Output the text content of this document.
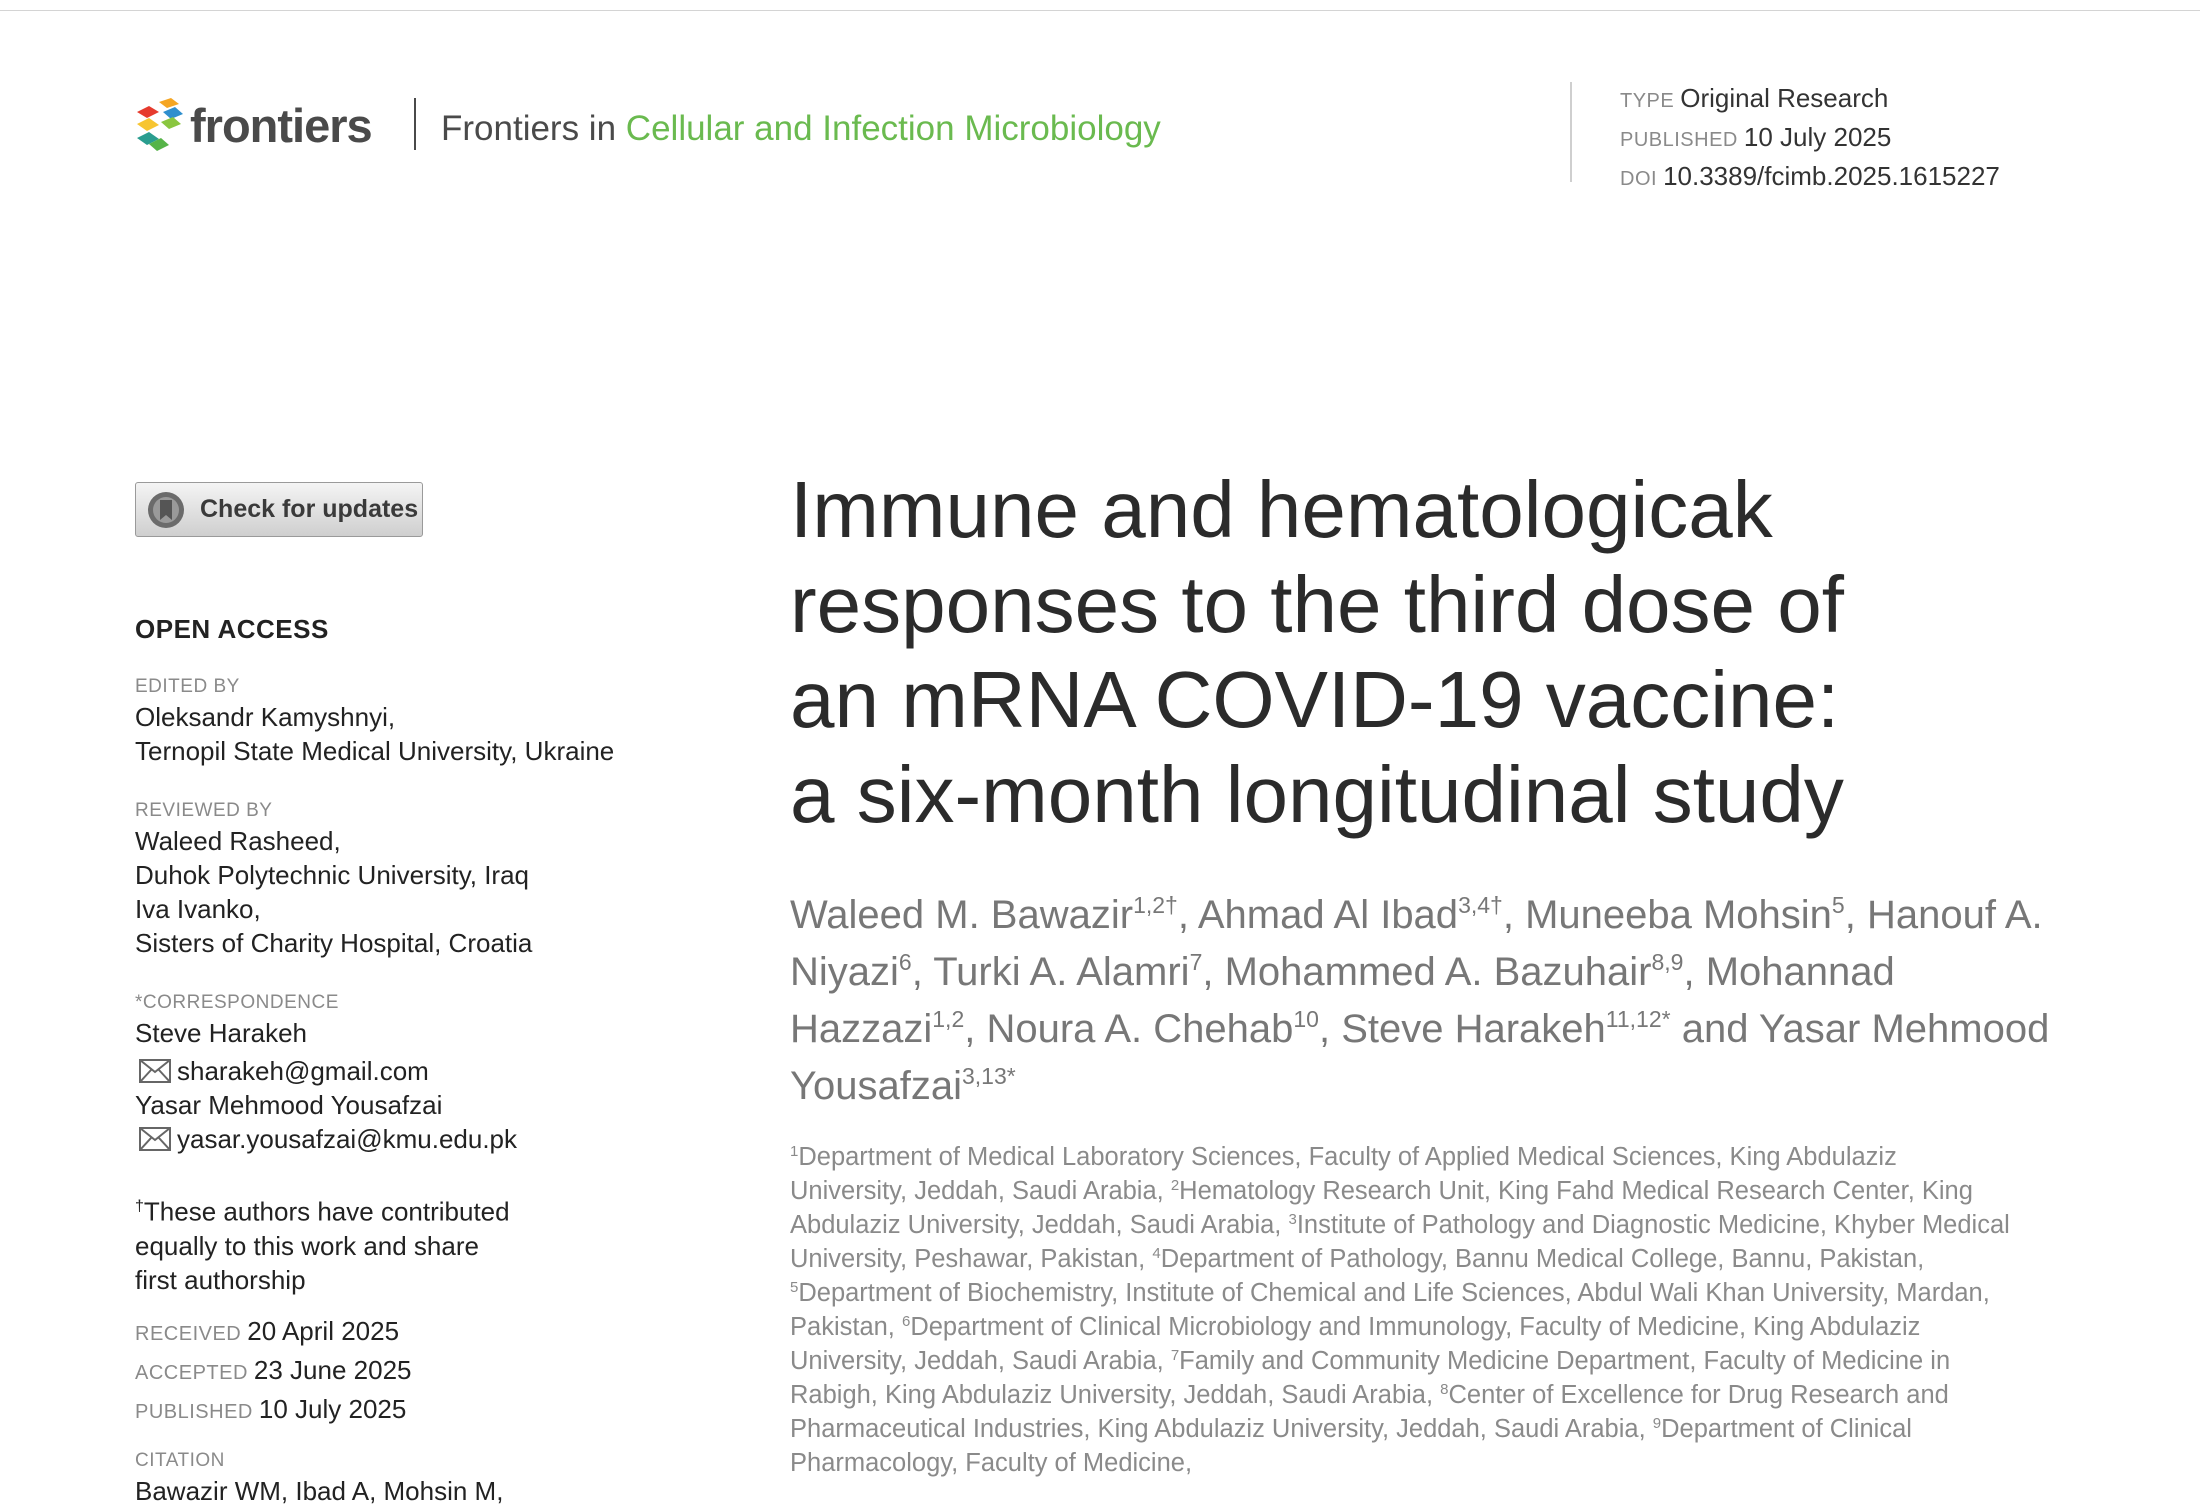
frontiers Frontiers in Cellular and Infection Microbiology
TYPE Original Research
PUBLISHED 10 July 2025
DOI 10.3389/fcimb.2025.1615227
Check for updates
OPEN ACCESS
EDITED BY
Oleksandr Kamyshnyi,
Ternopil State Medical University, Ukraine
REVIEWED BY
Waleed Rasheed,
Duhok Polytechnic University, Iraq
Iva Ivanko,
Sisters of Charity Hospital, Croatia
*CORRESPONDENCE
Steve Harakeh
sharakeh@gmail.com
Yasar Mehmood Yousafzai
yasar.yousafzai@kmu.edu.pk
†These authors have contributed
equally to this work and share
first authorship
RECEIVED 20 April 2025
ACCEPTED 23 June 2025
PUBLISHED 10 July 2025
CITATION
Bawazir WM, Ibad A, Mohsin M,
Immune and hematologicak
responses to the third dose of
an mRNA COVID-19 vaccine:
a six-month longitudinal study
Waleed M. Bawazir$^{1,2\dagger}$, Ahmad Al Ibad$^{3,4\dagger}$, Muneeba Mohsin$^5$, Hanouf A. Niyazi$^6$, Turki A. Alamri$^7$, Mohammed A. Bazuhair$^{8,9}$, Mohannad Hazzazi$^{1,2}$, Noura A. Chehab$^{10}$, Steve Harakeh$^{11,12*}$ and Yasar Mehmood Yousafzai$^{3,13*}$
$^1$Department of Medical Laboratory Sciences, Faculty of Applied Medical Sciences, King Abdulaziz University, Jeddah, Saudi Arabia, $^2$Hematology Research Unit, King Fahd Medical Research Center, King Abdulaziz University, Jeddah, Saudi Arabia, $^3$Institute of Pathology and Diagnostic Medicine, Khyber Medical University, Peshawar, Pakistan, $^4$Department of Pathology, Bannu Medical College, Bannu, Pakistan, $^5$Department of Biochemistry, Institute of Chemical and Life Sciences, Abdul Wali Khan University, Mardan, Pakistan, $^6$Department of Clinical Microbiology and Immunology, Faculty of Medicine, King Abdulaziz University, Jeddah, Saudi Arabia, $^7$Family and Community Medicine Department, Faculty of Medicine in Rabigh, King Abdulaziz University, Jeddah, Saudi Arabia, $^8$Center of Excellence for Drug Research and Pharmaceutical Industries, King Abdulaziz University, Jeddah, Saudi Arabia, $^9$Department of Clinical Pharmacology, Faculty of Medicine,
